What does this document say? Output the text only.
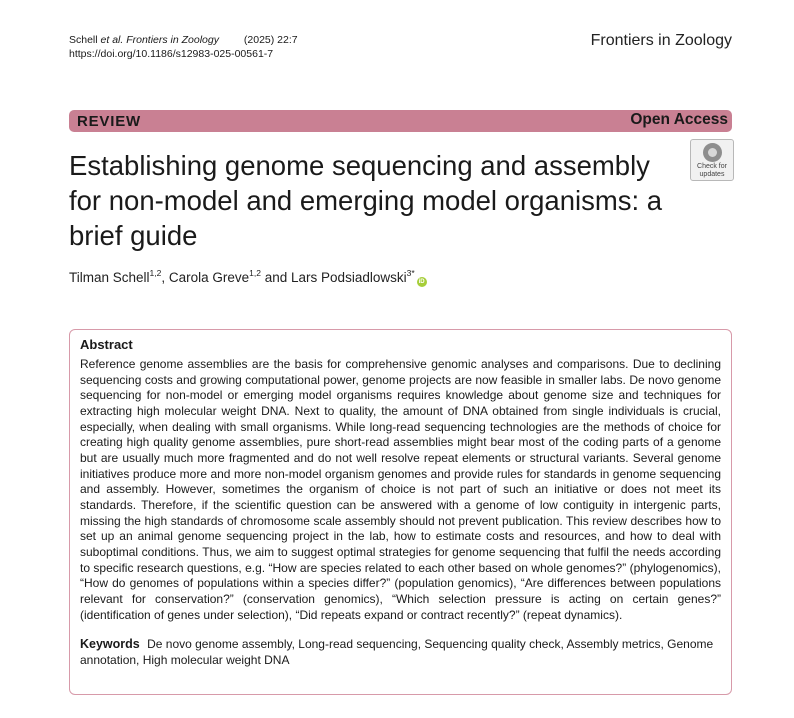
Schell et al. Frontiers in Zoology (2025) 22:7
https://doi.org/10.1186/s12983-025-00561-7
Frontiers in Zoology
REVIEW	Open Access
Check for
updates
Establishing genome sequencing and assembly for non-model and emerging model organisms: a brief guide
Tilman Schell$^{1,2}$, Carola Greve$^{1,2}$ and Lars Podsiadlowski$^{3*}$iD
Abstract

Reference genome assemblies are the basis for comprehensive genomic analyses and comparisons. Due to declining sequencing costs and growing computational power, genome projects are now feasible in smaller labs. De novo genome sequencing for non-model or emerging model organisms requires knowledge about genome size and techniques for extracting high molecular weight DNA. Next to quality, the amount of DNA obtained from single individuals is crucial, especially, when dealing with small organisms. While long-read sequencing technologies are the methods of choice for creating high quality genome assemblies, pure short-read assemblies might bear most of the coding parts of a genome but are usually much more fragmented and do not well resolve repeat elements or structural variants. Several genome initiatives produce more and more non-model organism genomes and provide rules for standards in genome sequencing and assembly. However, sometimes the organism of choice is not part of such an initiative or does not meet its standards. Therefore, if the scientific question can be answered with a genome of low contiguity in intergenic parts, missing the high standards of chromosome scale assembly should not prevent publication. This review describes how to set up an animal genome sequencing project in the lab, how to estimate costs and resources, and how to deal with suboptimal conditions. Thus, we aim to suggest optimal strategies for genome sequencing that fulfil the needs according to specific research questions, e.g. “How are species related to each other based on whole genomes?” (phylogenomics), “How do genomes of populations within a species differ?” (population genomics), “Are differences between populations relevant for conservation?” (conservation genomics), “Which selection pressure is acting on certain genes?” (identification of genes under selection), “Did repeats expand or contract recently?” (repeat dynamics).

Keywords De novo genome assembly, Long-read sequencing, Sequencing quality check, Assembly metrics, Genome annotation, High molecular weight DNA
